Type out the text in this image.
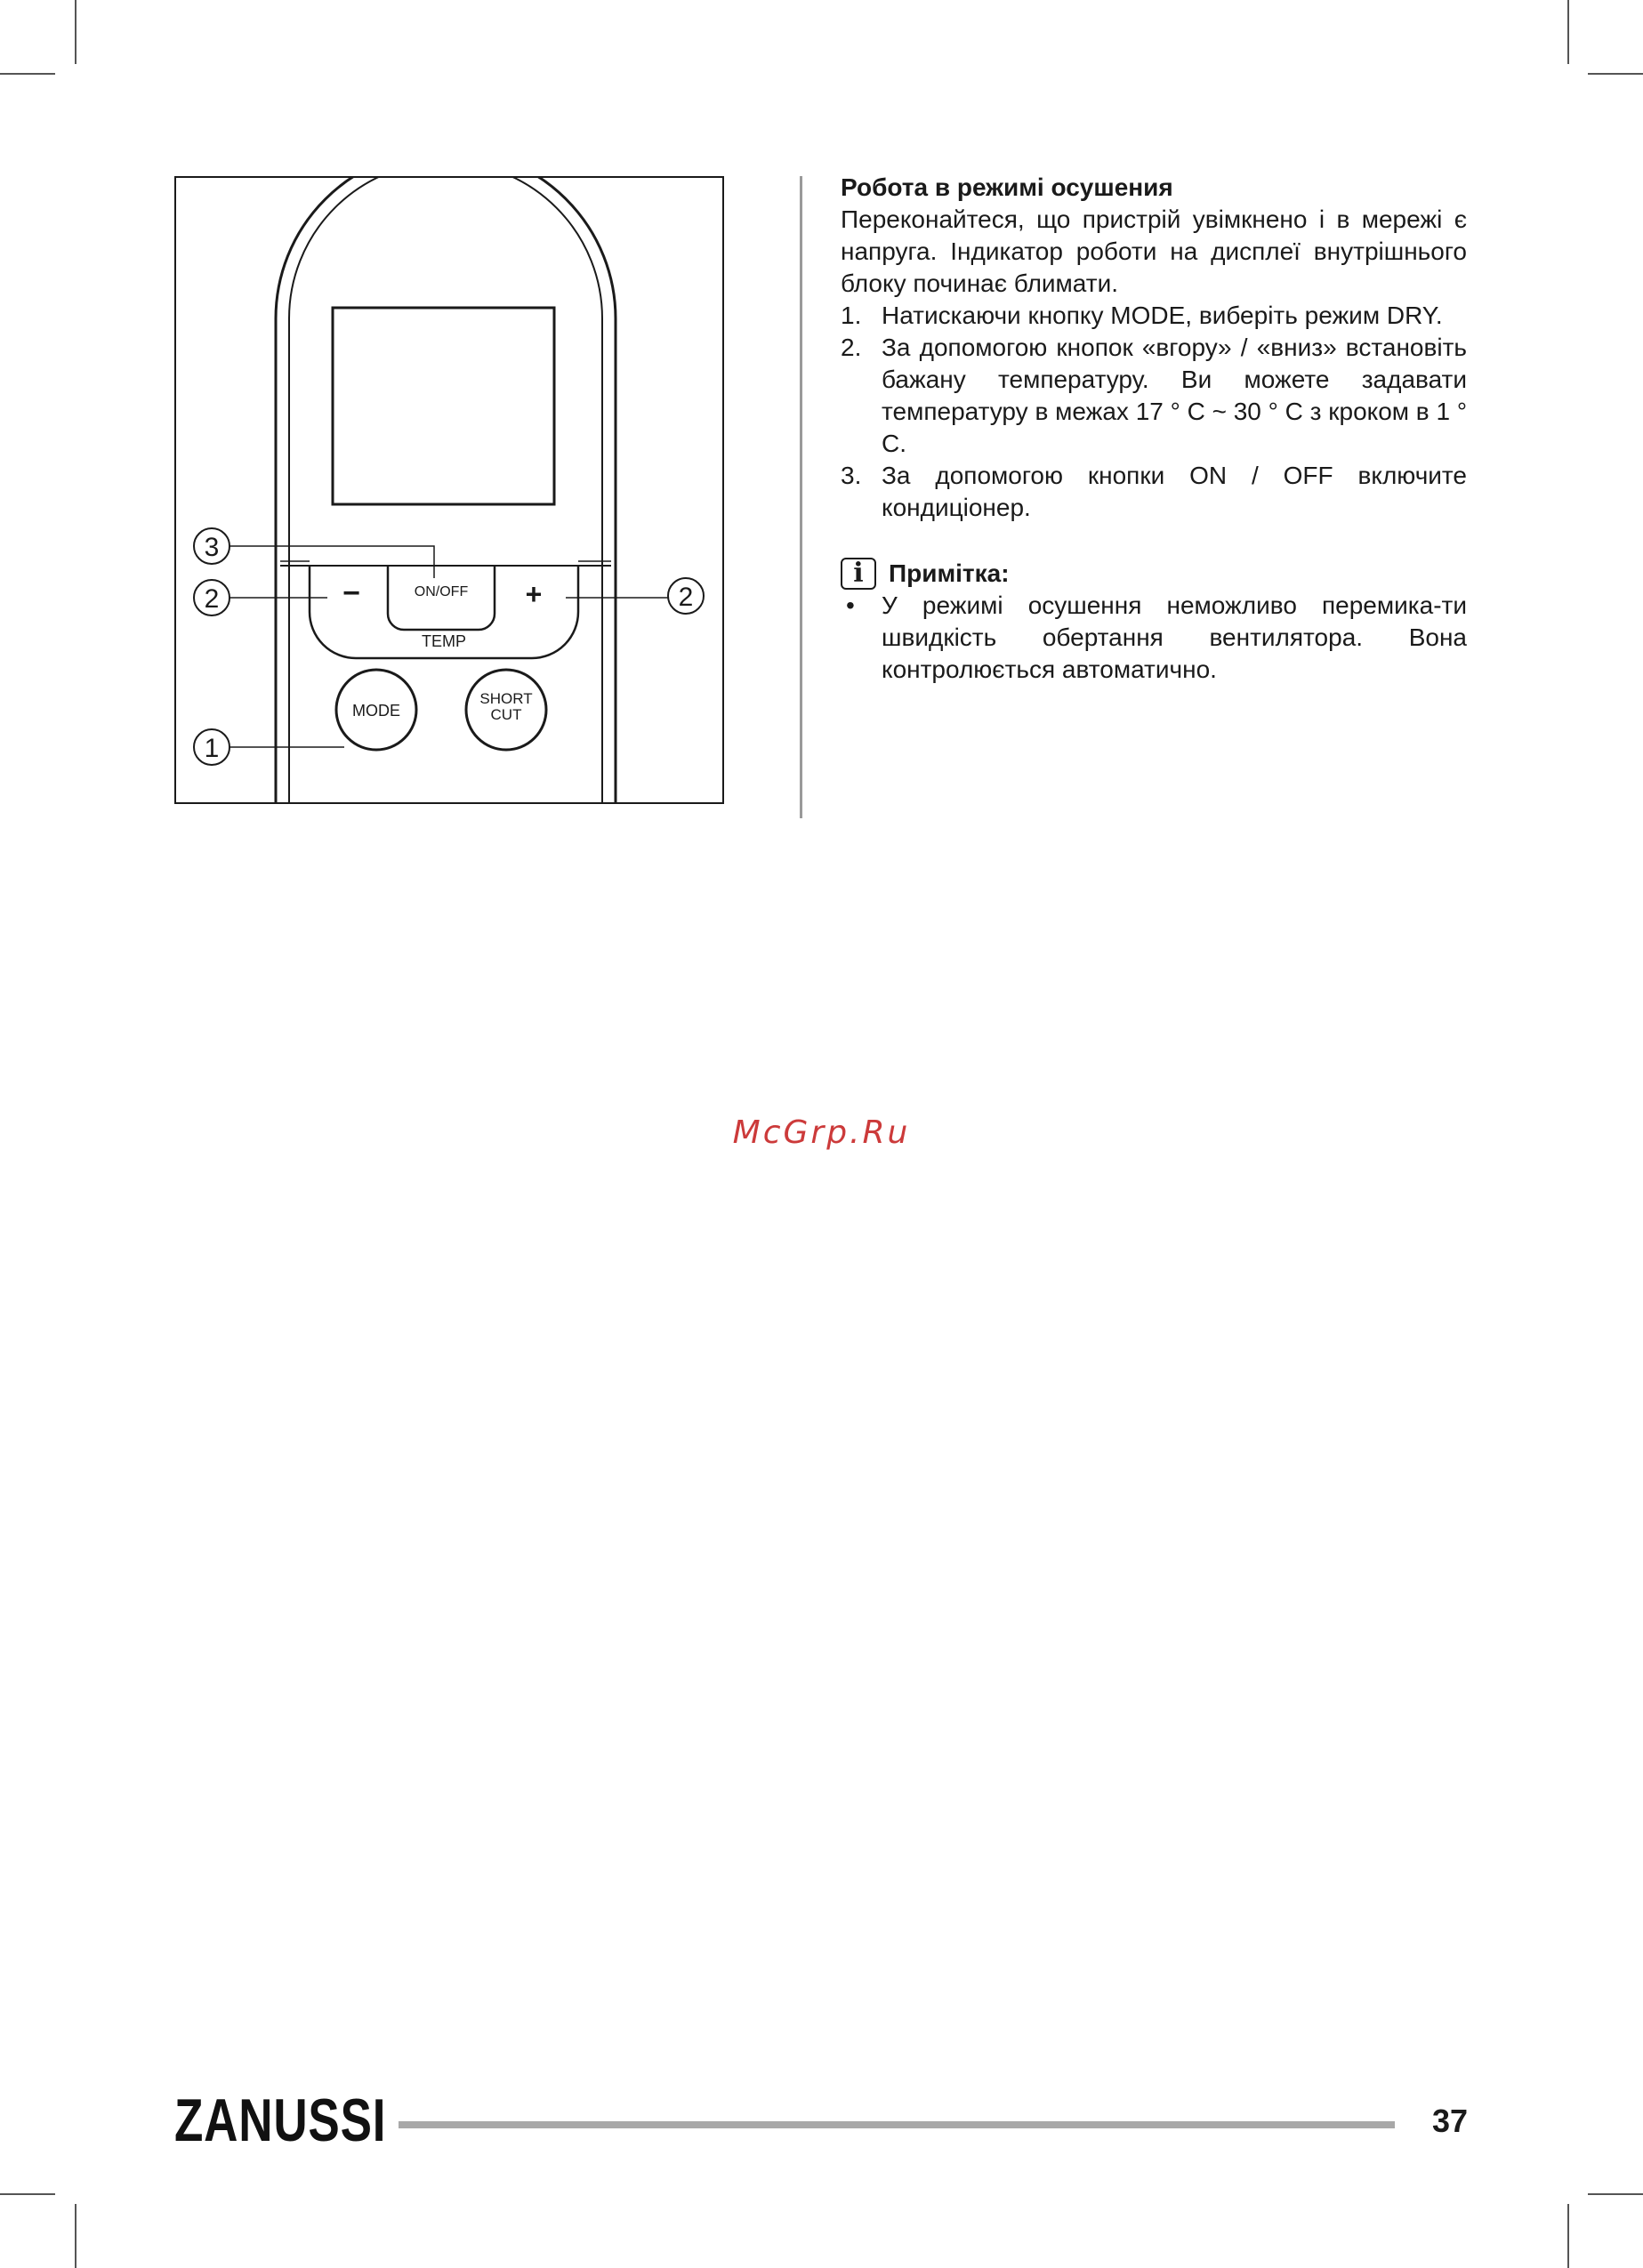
ON/OFF
TEMP
−	+
MODE
SHORT
CUT
3
2	2
1

Робота в режимі осушения

Переконайтеся, що пристрій увімкнено і в мережі є напруга. Індикатор роботи на дисплеї внутрішнього блоку починає блимати.

1. Натискаючи кнопку MODE, виберіть режим DRY.
2. За допомогою кнопок «вгору» / «вниз» встановіть бажану температуру. Ви можете задавати температуру в межах 17 ° C ~ 30 ° C з кроком в 1 ° C.
3. За допомогою кнопки ON / OFF включите кондиціонер.
i	Примітка:
• У режимі осушення неможливо перемика-ти швидкість обертання вентилятора. Вона контролюється автоматично.
McGrp.Ru
ZANUSSI	37
